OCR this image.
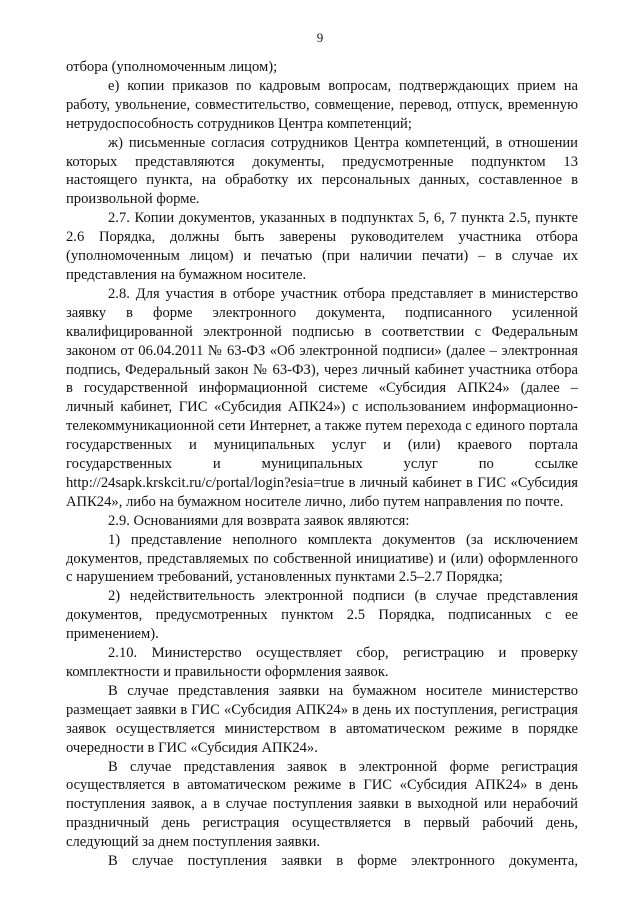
9

отбора (уполномоченным лицом);

е) копии приказов по кадровым вопросам, подтверждающих прием на работу, увольнение, совместительство, совмещение, перевод, отпуск, временную нетрудоспособность сотрудников Центра компетенций;

ж) письменные согласия сотрудников Центра компетенций, в отношении которых представляются документы, предусмотренные подпунктом 13 настоящего пункта, на обработку их персональных данных, составленное в произвольной форме.

2.7. Копии документов, указанных в подпунктах 5, 6, 7 пункта 2.5, пункте 2.6 Порядка, должны быть заверены руководителем участника отбора (уполномоченным лицом) и печатью (при наличии печати) – в случае их представления на бумажном носителе.

2.8. Для участия в отборе участник отбора представляет в министерство заявку в форме электронного документа, подписанного усиленной квалифицированной электронной подписью в соответствии с Федеральным законом от 06.04.2011 № 63-ФЗ «Об электронной подписи» (далее – электронная подпись, Федеральный закон № 63-ФЗ), через личный кабинет участника отбора в государственной информационной системе «Субсидия АПК24» (далее – личный кабинет, ГИС «Субсидия АПК24») с использованием информационно-телекоммуникационной сети Интернет, а также путем перехода с единого портала государственных и муниципальных услуг и (или) краевого портала государственных и муниципальных услуг по ссылке http://24sapk.krskcit.ru/c/portal/login?esia=true в личный кабинет в ГИС «Субсидия АПК24», либо на бумажном носителе лично, либо путем направления по почте.

2.9. Основаниями для возврата заявок являются:

1) представление неполного комплекта документов (за исключением документов, представляемых по собственной инициативе) и (или) оформленного с нарушением требований, установленных пунктами 2.5–2.7 Порядка;

2) недействительность электронной подписи (в случае представления документов, предусмотренных пунктом 2.5 Порядка, подписанных с ее применением).

2.10. Министерство осуществляет сбор, регистрацию и проверку комплектности и правильности оформления заявок.

В случае представления заявки на бумажном носителе министерство размещает заявки в ГИС «Субсидия АПК24» в день их поступления, регистрация заявок осуществляется министерством в автоматическом режиме в порядке очередности в ГИС «Субсидия АПК24».

В случае представления заявок в электронной форме регистрация осуществляется в автоматическом режиме в ГИС «Субсидия АПК24» в день поступления заявок, а в случае поступления заявки в выходной или нерабочий праздничный день регистрация осуществляется в первый рабочий день, следующий за днем поступления заявки.

В случае поступления заявки в форме электронного документа,
